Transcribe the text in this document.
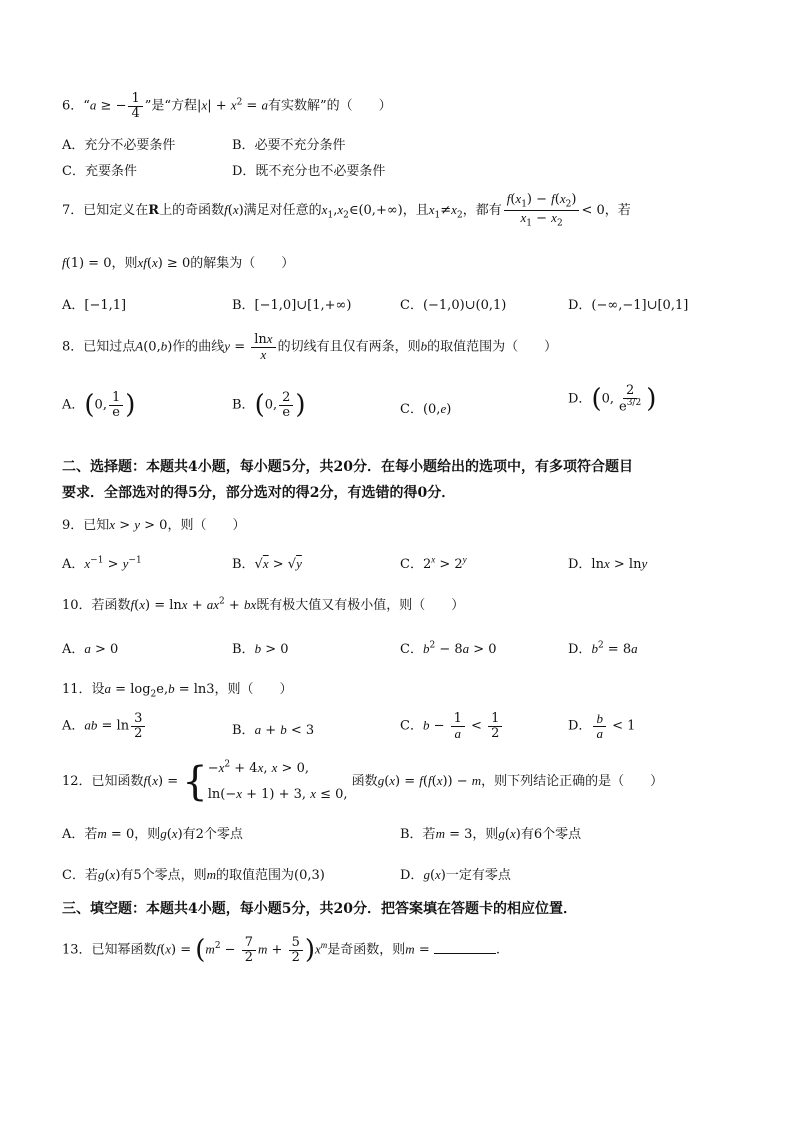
6．“a ≥ − $\frac{1}{4}$ ”是“方程$|x| + x^2 = a$有实数解”的（　　）
A．充分不必要条件	B．必要不充分条件
C．充要条件	D．既不充分也不必要条件
7．已知定义在R上的奇函数f(x)满足对任意的$x_1,x_2\in(0,+\infty)$，且$x_1\ne x_2$，都有 $\frac{f(x_1) - f(x_2)}{x_1 - x_2} < 0$，若
f(1) = 0，则xf(x) ≥ 0的解集为（　　）
A．[−1,1]	B．[−1,0]∪[1,+∞)	C．(−1,0)∪(0,1)	D．(−∞,−1]∪[0,1]
8．已知过点A(0,b)作的曲线$y = \frac{\ln x}{x}$ 的切线有且仅有两条，则b的取值范围为（　　）
A．(0, $\frac{1}{e}$ )	B．(0, $\frac{2}{e}$ )	C．(0,e)
D．(0, $\frac{2}{e^{3/2}}$ )
二、选择题：本题共4小题，每小题5分，共20分．在每小题给出的选项中，有多项符合题目
要求．全部选对的得5分，部分选对的得2分，有选错的得0分．
9．已知x > y > 0，则（　　）
A．$x^{-1} > y^{-1}$	B．√x > √y	C．$2^x > 2^y$	D．lnx > lny
10．若函数$f(x) = \ln x + ax^2$ + bx既有极大值又有极小值，则（　　）
A．a > 0	B．b > 0	C．$b^2 - 8a > 0$	D．$b^2 = 8a$
11．设$a = \log_2e,b = \ln 3$，则（　　）
A．ab = $\ln \frac{3}{2}$	B．a + b < 3	C．$b - \frac{1}{a} < \frac{1}{2}$	D． $\frac{b}{a} < 1$
12．已知函数f(x) = { $-x^2 + 4x$, x > 0,
ln(−x + 1) + 3, x ≤ 0,
函数g(x) = f(f(x)) − m，则下列结论正确的是（　　）
A．若m = 0，则g(x)有2个零点	B．若m = 3，则g(x)有6个零点
C．若g(x)有5个零点，则m的取值范围为(0,3)	D．g(x)一定有零点
三、填空题：本题共4小题，每小题5分，共20分．把答案填在答题卡的相应位置．
13．已知幂函数$f(x) = (m^2 - \frac{7}{2}$ $m + \frac{5}{2} )x^m$是奇函数，则m =	.
